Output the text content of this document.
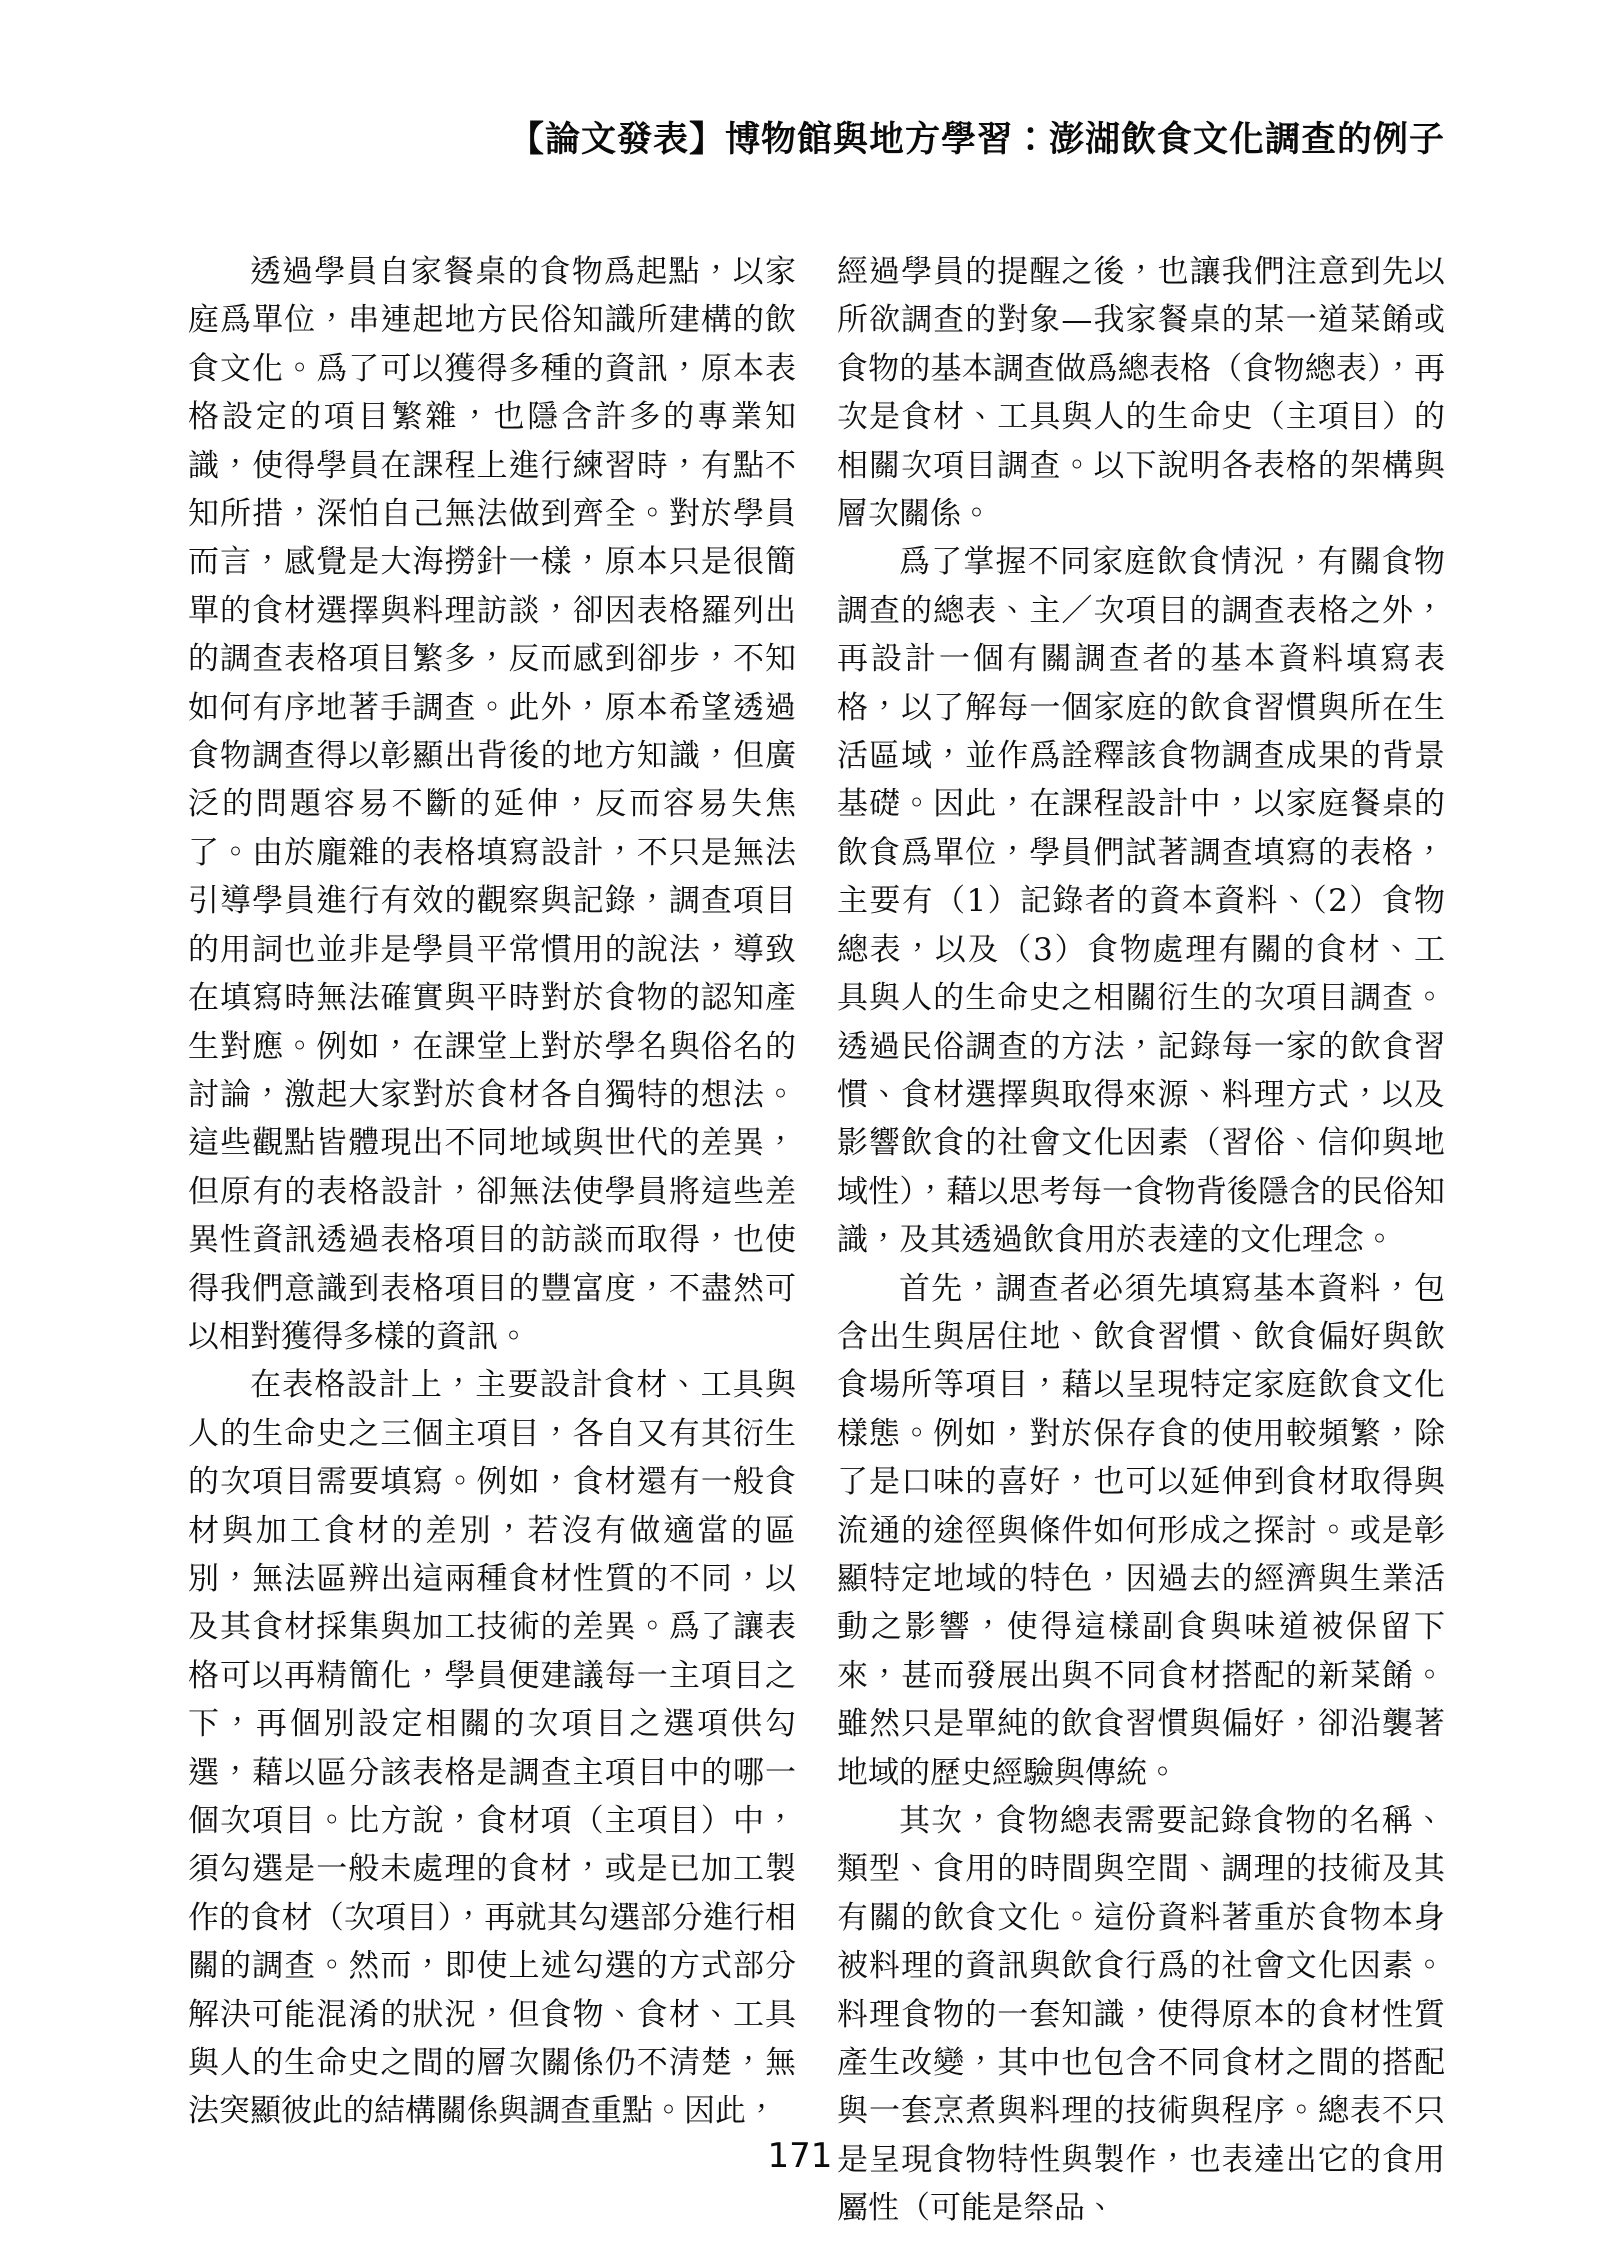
【論文發表】博物館與地方學習：澎湖飲食文化調查的例子

透過學員自家餐桌的食物爲起點，以家庭爲單位，串連起地方民俗知識所建構的飲食文化。爲了可以獲得多種的資訊，原本表格設定的項目繁雜，也隱含許多的專業知識，使得學員在課程上進行練習時，有點不知所措，深怕自己無法做到齊全。對於學員而言，感覺是大海撈針一樣，原本只是很簡單的食材選擇與料理訪談，卻因表格羅列出的調查表格項目繁多，反而感到卻步，不知如何有序地著手調查。此外，原本希望透過食物調查得以彰顯出背後的地方知識，但廣泛的問題容易不斷的延伸，反而容易失焦了。由於龐雜的表格填寫設計，不只是無法引導學員進行有效的觀察與記錄，調查項目的用詞也並非是學員平常慣用的說法，導致在填寫時無法確實與平時對於食物的認知產生對應。例如，在課堂上對於學名與俗名的討論，激起大家對於食材各自獨特的想法。這些觀點皆體現出不同地域與世代的差異，但原有的表格設計，卻無法使學員將這些差異性資訊透過表格項目的訪談而取得，也使得我們意識到表格項目的豐富度，不盡然可以相對獲得多樣的資訊。

在表格設計上，主要設計食材、工具與人的生命史之三個主項目，各自又有其衍生的次項目需要填寫。例如，食材還有一般食材與加工食材的差別，若沒有做適當的區別，無法區辨出這兩種食材性質的不同，以及其食材採集與加工技術的差異。爲了讓表格可以再精簡化，學員便建議每一主項目之下，再個別設定相關的次項目之選項供勾選，藉以區分該表格是調查主項目中的哪一個次項目。比方說，食材項（主項目）中，須勾選是一般未處理的食材，或是已加工製作的食材（次項目），再就其勾選部分進行相關的調查。然而，即使上述勾選的方式部分解決可能混淆的狀況，但食物、食材、工具與人的生命史之間的層次關係仍不清楚，無法突顯彼此的結構關係與調查重點。因此，

經過學員的提醒之後，也讓我們注意到先以所欲調查的對象—我家餐桌的某一道菜餚或食物的基本調查做爲總表格（食物總表），再次是食材、工具與人的生命史（主項目）的相關次項目調查。以下說明各表格的架構與層次關係。

爲了掌握不同家庭飲食情況，有關食物調查的總表、主／次項目的調查表格之外，再設計一個有關調查者的基本資料填寫表格，以了解每一個家庭的飲食習慣與所在生活區域，並作爲詮釋該食物調查成果的背景基礎。因此，在課程設計中，以家庭餐桌的飲食爲單位，學員們試著調查填寫的表格，主要有（1）記錄者的資本資料、（2）食物總表，以及（3）食物處理有關的食材、工具與人的生命史之相關衍生的次項目調查。透過民俗調查的方法，記錄每一家的飲食習慣、食材選擇與取得來源、料理方式，以及影響飲食的社會文化因素（習俗、信仰與地域性），藉以思考每一食物背後隱含的民俗知識，及其透過飲食用於表達的文化理念。

首先，調查者必須先填寫基本資料，包含出生與居住地、飲食習慣、飲食偏好與飲食場所等項目，藉以呈現特定家庭飲食文化樣態。例如，對於保存食的使用較頻繁，除了是口味的喜好，也可以延伸到食材取得與流通的途徑與條件如何形成之探討。或是彰顯特定地域的特色，因過去的經濟與生業活動之影響，使得這樣副食與味道被保留下來，甚而發展出與不同食材搭配的新菜餚。雖然只是單純的飲食習慣與偏好，卻沿襲著地域的歷史經驗與傳統。

其次，食物總表需要記錄食物的名稱、類型、食用的時間與空間、調理的技術及其有關的飲食文化。這份資料著重於食物本身被料理的資訊與飲食行爲的社會文化因素。料理食物的一套知識，使得原本的食材性質產生改變，其中也包含不同食材之間的搭配與一套烹煮與料理的技術與程序。總表不只是呈現食物特性與製作，也表達出它的食用屬性（可能是祭品、

171
